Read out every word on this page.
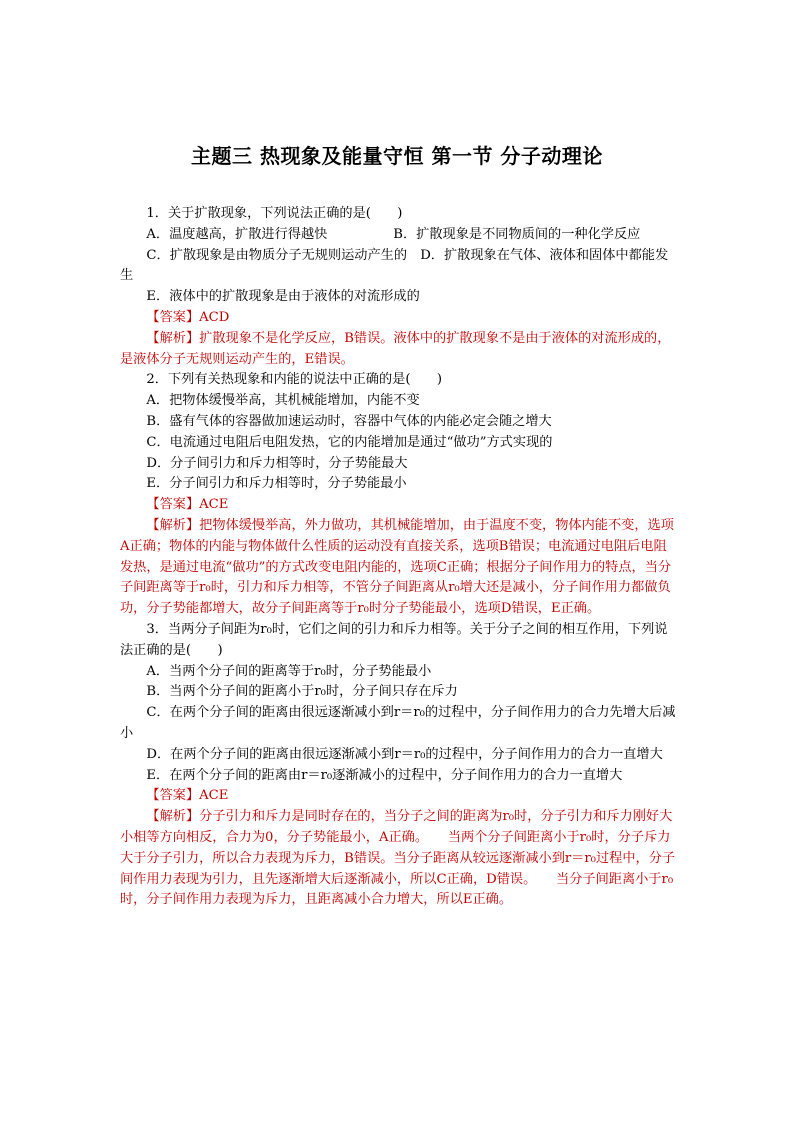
主题三 热现象及能量守恒 第一节 分子动理论

1．关于扩散现象，下列说法正确的是(　　)

A．温度越高，扩散进行得越快　　　　　B．扩散现象是不同物质间的一种化学反应

C．扩散现象是由物质分子无规则运动产生的　D．扩散现象在气体、液体和固体中都能发生

E．液体中的扩散现象是由于液体的对流形成的

【答案】ACD

【解析】扩散现象不是化学反应，B错误。液体中的扩散现象不是由于液体的对流形成的，是液体分子无规则运动产生的，E错误。

2．下列有关热现象和内能的说法中正确的是(　　)

A．把物体缓慢举高，其机械能增加，内能不变

B．盛有气体的容器做加速运动时，容器中气体的内能必定会随之增大

C．电流通过电阻后电阻发热，它的内能增加是通过“做功”方式实现的

D．分子间引力和斥力相等时，分子势能最大

E．分子间引力和斥力相等时，分子势能最小

【答案】ACE

【解析】把物体缓慢举高，外力做功，其机械能增加，由于温度不变，物体内能不变，选项A正确；物体的内能与物体做什么性质的运动没有直接关系，选项B错误；电流通过电阻后电阻发热，是通过电流“做功”的方式改变电阻内能的，选项C正确；根据分子间作用力的特点，当分子间距离等于r₀时，引力和斥力相等，不管分子间距离从r₀增大还是减小，分子间作用力都做负功，分子势能都增大，故分子间距离等于r₀时分子势能最小，选项D错误，E正确。

3．当两分子间距为r₀时，它们之间的引力和斥力相等。关于分子之间的相互作用，下列说法正确的是(　　)

A．当两个分子间的距离等于r₀时，分子势能最小

B．当两个分子间的距离小于r₀时，分子间只存在斥力

C．在两个分子间的距离由很远逐渐减小到r＝r₀的过程中，分子间作用力的合力先增大后减小

D．在两个分子间的距离由很远逐渐减小到r＝r₀的过程中，分子间作用力的合力一直增大

E．在两个分子间的距离由r＝r₀逐渐减小的过程中，分子间作用力的合力一直增大

【答案】ACE

【解析】分子引力和斥力是同时存在的，当分子之间的距离为r₀时，分子引力和斥力刚好大小相等方向相反，合力为0，分子势能最小，A正确。　　当两个分子间距离小于r₀时，分子斥力大于分子引力，所以合力表现为斥力，B错误。当分子距离从较远逐渐减小到r＝r₀过程中，分子间作用力表现为引力，且先逐渐增大后逐渐减小，所以C正确，D错误。　　当分子间距离小于r₀时，分子间作用力表现为斥力，且距离减小合力增大，所以E正确。
